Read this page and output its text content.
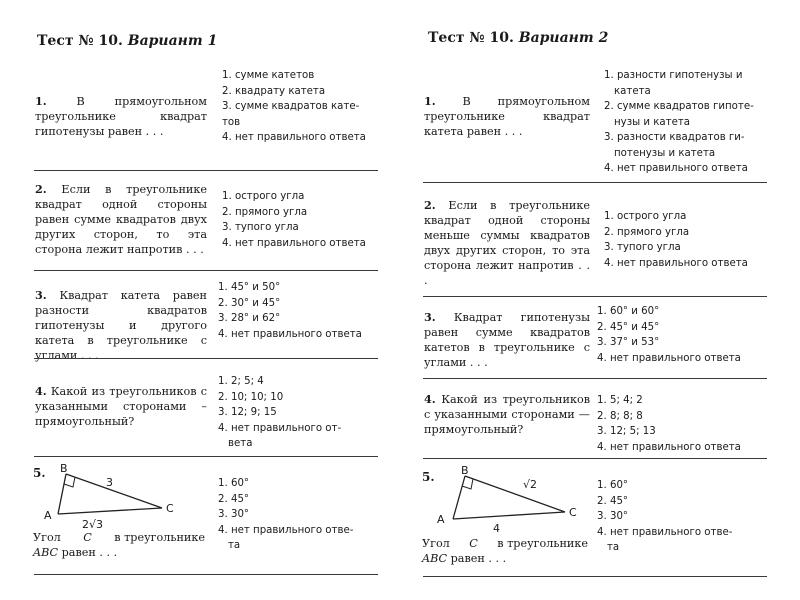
Тест № 10. Вариант 1
1.	В прямоугольном треугольнике квадрат гипотенузы равен . . .
1. сумме катетов
2. квадрату катета
3. сумме квадратов кате-
тов
4. нет правильного ответа
2. Если в треугольнике квадрат одной стороны равен сумме квадратов двух других сторон, то эта сторона лежит напротив . . .
1. острого угла
2. прямого угла
3. тупого угла
4. нет правильного ответа
3. Квадрат катета равен разности квадратов гипотенузы и другого катета в треугольнике с углами . . .
1. 45° и 50°
2. 30° и 45°
3. 28° и 62°
4. нет правильного ответа
4. Какой из треугольников с указанными сторонами – прямоугольный?
1. 2; 5; 4
2. 10; 10; 10
3. 12; 9; 15
4. нет правильного от-
вета
5. B
A
C
3
2√3
Угол C в треугольнике
ABC равен . . .
1. 60°
2. 45°
3. 30°
4. нет правильного отве-
та
Тест № 10. Вариант 2
1. В прямоугольном треугольнике квадрат катета равен . . .
1. разности гипотенузы и
катета
2. сумме квадратов гипоте-
нузы и катета
3. разности квадратов ги-
потенузы и катета
4. нет правильного ответа
2. Если в треугольнике квадрат одной стороны меньше суммы квадратов двух других сторон, то эта сторона лежит напротив . . .
1. острого угла
2. прямого угла
3. тупого угла
4. нет правильного ответа
3. Квадрат гипотенузы равен сумме квадратов катетов в треугольнике с углами . . .
1. 60° и 60°
2. 45° и 45°
3. 37° и 53°
4. нет правильного ответа
4. Какой из треугольников с указанными сторонами — прямоугольный?
1. 5; 4; 2
2. 8; 8; 8
3. 12; 5; 13
4. нет правильного ответа
5. B
A
C
√2
4
Угол C в треугольнике
ABC равен . . .
1. 60°
2. 45°
3. 30°
4. нет правильного отве-
та
